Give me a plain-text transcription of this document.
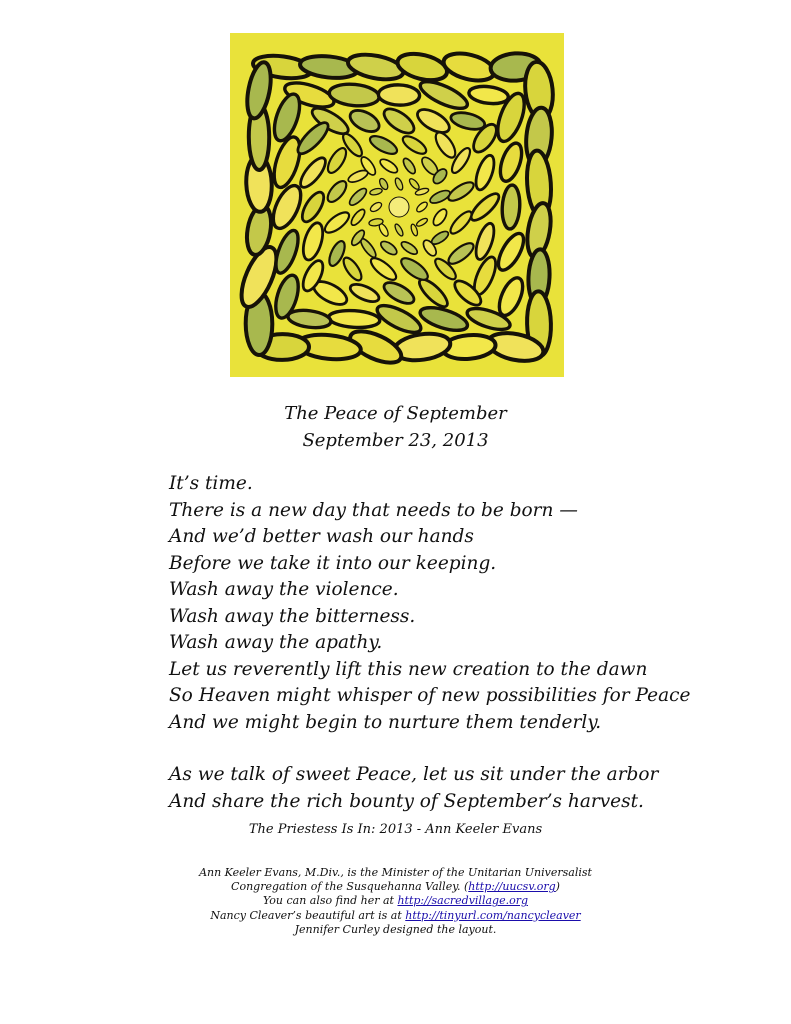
The Peace of September
September 23, 2013
It’s time.
There is a new day that needs to be born —
And we’d better wash our hands
Before we take it into our keeping.
Wash away the violence.
Wash away the bitterness.
Wash away the apathy.
Let us reverently lift this new creation to the dawn
So Heaven might whisper of new possibilities for Peace
And we might begin to nurture them tenderly.
As we talk of sweet Peace, let us sit under the arbor
And share the rich bounty of September’s harvest.
The Priestess Is In: 2013 - Ann Keeler Evans
Ann Keeler Evans, M.Div., is the Minister of the Unitarian Universalist
Congregation of the Susquehanna Valley. (http://uucsv.org)
You can also find her at http://sacredvillage.org
Nancy Cleaver’s beautiful art is at http://tinyurl.com/nancycleaver
Jennifer Curley designed the layout.
